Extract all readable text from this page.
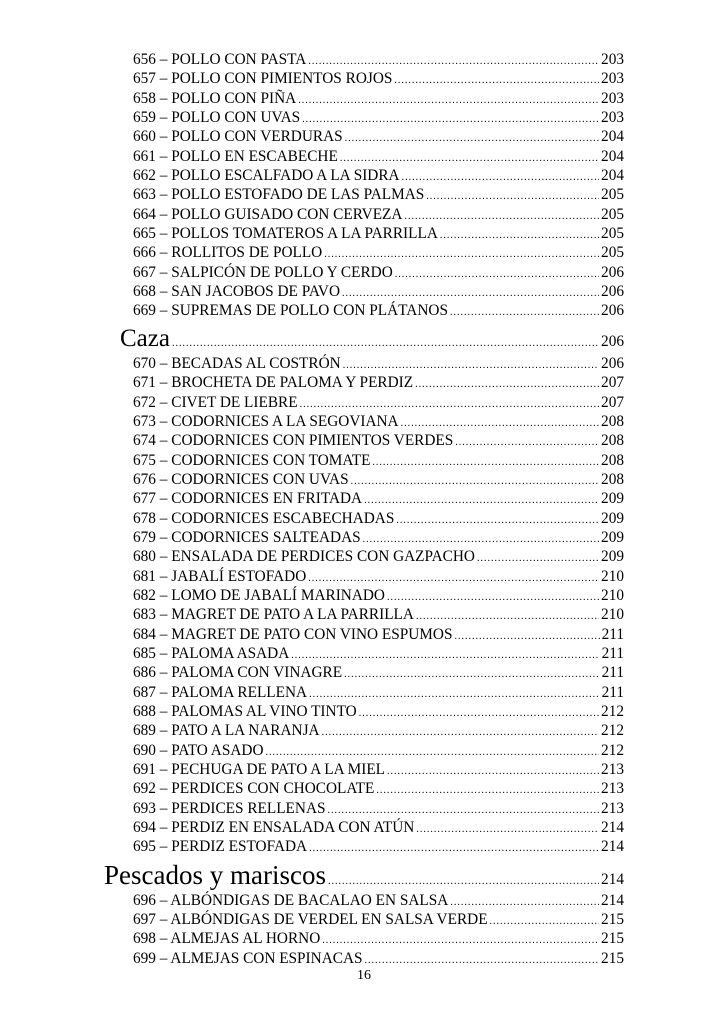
656 – POLLO CON PASTA .....	203
657 – POLLO CON PIMIENTOS ROJOS .....	203
658 – POLLO CON PIÑA .....	203
659 – POLLO CON UVAS .....	203
660 – POLLO CON VERDURAS .....	204
661 – POLLO EN ESCABECHE .....	204
662 – POLLO ESCALFADO A LA SIDRA .....	204
663 – POLLO ESTOFADO DE LAS PALMAS .....	205
664 – POLLO GUISADO CON CERVEZA .....	205
665 – POLLOS TOMATEROS A LA PARRILLA .....	205
666 – ROLLITOS DE POLLO .....	205
667 – SALPICÓN DE POLLO Y CERDO .....	206
668 – SAN JACOBOS DE PAVO .....	206
669 – SUPREMAS DE POLLO CON PLÁTANOS .....	206
Caza .....	206
670 – BECADAS AL COSTRÓN .....	206
671 – BROCHETA DE PALOMA Y PERDIZ .....	207
672 – CIVET DE LIEBRE .....	207
673 – CODORNICES A LA SEGOVIANA .....	208
674 – CODORNICES CON PIMIENTOS VERDES .....	208
675 – CODORNICES CON TOMATE .....	208
676 – CODORNICES CON UVAS .....	208
677 – CODORNICES EN FRITADA .....	209
678 – CODORNICES ESCABECHADAS .....	209
679 – CODORNICES SALTEADAS .....	209
680 – ENSALADA DE PERDICES CON GAZPACHO .....	209
681 – JABALÍ ESTOFADO .....	210
682 – LOMO DE JABALÍ MARINADO .....	210
683 – MAGRET DE PATO A LA PARRILLA .....	210
684 – MAGRET DE PATO CON VINO ESPUMOS .....	211
685 – PALOMA ASADA .....	211
686 – PALOMA CON VINAGRE .....	211
687 – PALOMA RELLENA .....	211
688 – PALOMAS AL VINO TINTO .....	212
689 – PATO A LA NARANJA .....	212
690 – PATO ASADO .....	212
691 – PECHUGA DE PATO A LA MIEL .....	213
692 – PERDICES CON CHOCOLATE .....	213
693 – PERDICES RELLENAS .....	213
694 – PERDIZ EN ENSALADA CON ATÚN .....	214
695 – PERDIZ ESTOFADA .....	214
Pescados y mariscos .....	214
696 – ALBÓNDIGAS DE BACALAO EN SALSA .....	214
697 – ALBÓNDIGAS DE VERDEL EN SALSA VERDE .....	215
698 – ALMEJAS AL HORNO .....	215
699 – ALMEJAS CON ESPINACAS .....	215
16
